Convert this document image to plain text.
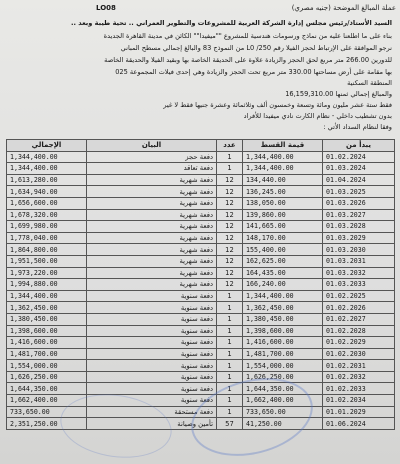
LO08	عملة المبالغ الموضحة (جنيه مصري)
السيد الأستاذ/رئيس مجلس إدارة الشركة العربية للمشروعات والتطوير العمراني .. تحية طيبة وبعد ..
بناء على ما اطلعنا عليه من نماذج ورسومات هندسية للمشروع ""ميفيدا"" الكائن في مدينة القاهرة الجديدة
نرجو الموافقة على الإرتباط لحجز الفيلا رقم L0 /250 من النموذج 83 والبالغ إجمالي مسطح المباني
للدورين 266.00 متر مربع لحق الحجز والزيادة علاوة على الحديقة الخاصة بها وبقيد الفيلا والحديقة الخاصة
بها مقامة على أرض مساحتها 330.00 متر مربع تحت الحجز والزيادة وهي إحدى فيلات المجموعة 025
المنطقة السكنية
والمبالغ إجمالي ثمنها 16,159,310.00
فقط ستة عشر مليون ومائة وتسعة وخمسون ألف وثلاثمائة وعشرة جنيها فقط لا غير
بدون تشطيب داخلي - نظام الكارت نادي ميفيدا للأفراد
وفقا لنظام السداد الأتي :
الإجمالي	البيان	عدد	قيمة القسط	يبدأ من
1,344,400.00	دفعة حجز	1	1,344,400.00	01.02.2024
1,344,400.00	دفعة تعاقد	1	1,344,400.00	01.03.2024
1,613,280.00	دفعة شهرية	12	134,440.00	01.04.2024
1,634,940.00	دفعة شهرية	12	136,245.00	01.03.2025
1,656,600.00	دفعة شهرية	12	138,050.00	01.03.2026
1,678,320.00	دفعة شهرية	12	139,860.00	01.03.2027
1,699,980.00	دفعة شهرية	12	141,665.00	01.03.2028
1,778,040.00	دفعة شهرية	12	148,170.00	01.03.2029
1,864,800.00	دفعة شهرية	12	155,400.00	01.03.2030
1,951,500.00	دفعة شهرية	12	162,625.00	01.03.2031
1,973,220.00	دفعة شهرية	12	164,435.00	01.03.2032
1,994,880.00	دفعة شهرية	12	166,240.00	01.03.2033
1,344,400.00	دفعة سنوية	1	1,344,400.00	01.02.2025
1,362,450.00	دفعة سنوية	1	1,362,450.00	01.02.2026
1,380,450.00	دفعة سنوية	1	1,380,450.00	01.02.2027
1,398,600.00	دفعة سنوية	1	1,398,600.00	01.02.2028
1,416,600.00	دفعة سنوية	1	1,416,600.00	01.02.2029
1,481,700.00	دفعة سنوية	1	1,481,700.00	01.02.2030
1,554,000.00	دفعة سنوية	1	1,554,000.00	01.02.2031
1,626,250.00	دفعة سنوية	1	1,626,250.00	01.02.2032
1,644,350.00	دفعة سنوية	1	1,644,350.00	01.02.2033
1,662,400.00	دفعة سنوية	1	1,662,400.00	01.02.2034
733,650.00	دفعة مستحقة	1	733,650.00	01.01.2029
2,351,250.00	تأمين وصيانة	57	41,250.00	01.06.2024
